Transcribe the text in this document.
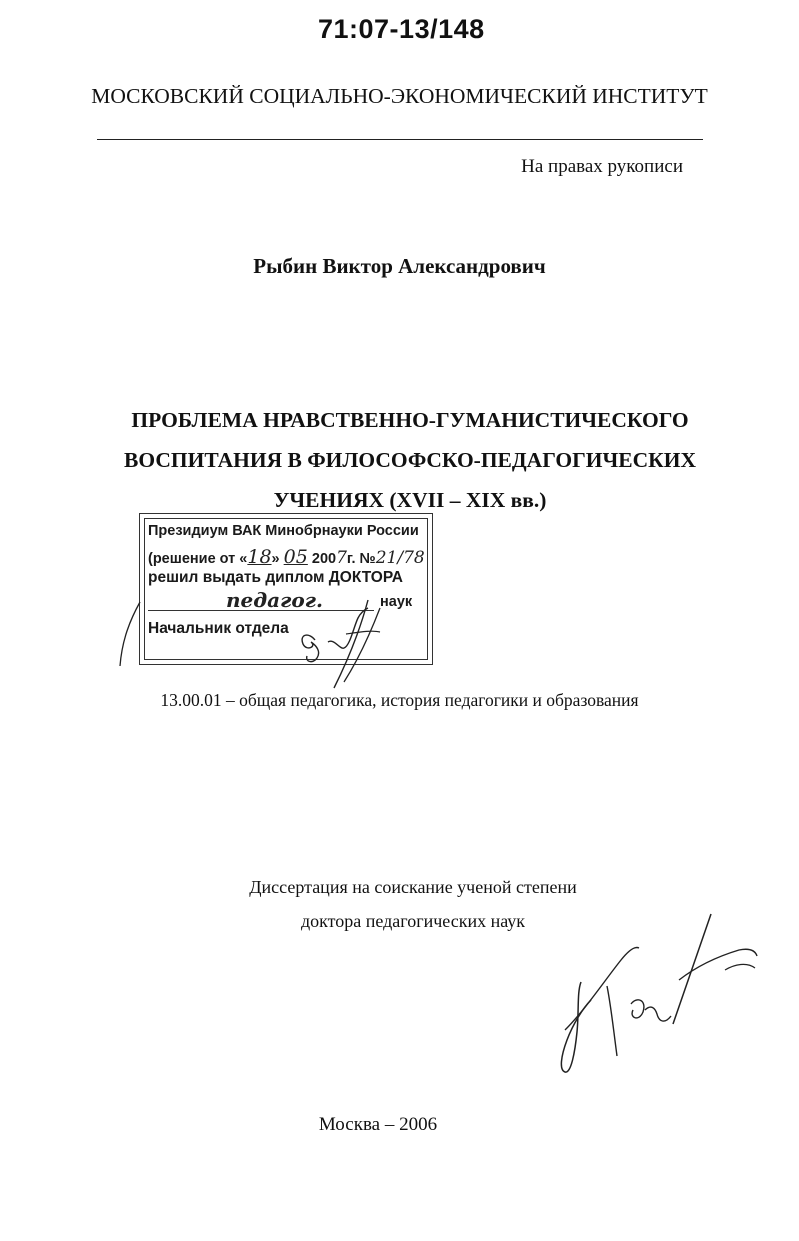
71:07-13/148
МОСКОВСКИЙ СОЦИАЛЬНО-ЭКОНОМИЧЕСКИЙ ИНСТИТУТ
На правах рукописи
Рыбин Виктор Александрович
ПРОБЛЕМА НРАВСТВЕННО-ГУМАНИСТИЧЕСКОГО
ВОСПИТАНИЯ В ФИЛОСОФСКО-ПЕДАГОГИЧЕСКИХ
УЧЕНИЯХ (XVII – XIX вв.)
Президиум ВАК Минобрнауки России
(решение от «18» 05 2007г. №21/78
решил выдать диплом ДОКТОРА
педагог.	наук
Начальник отдела
13.00.01 – общая педагогика, история педагогики и образования
Диссертация на соискание ученой степени
доктора педагогических наук
Москва – 2006
